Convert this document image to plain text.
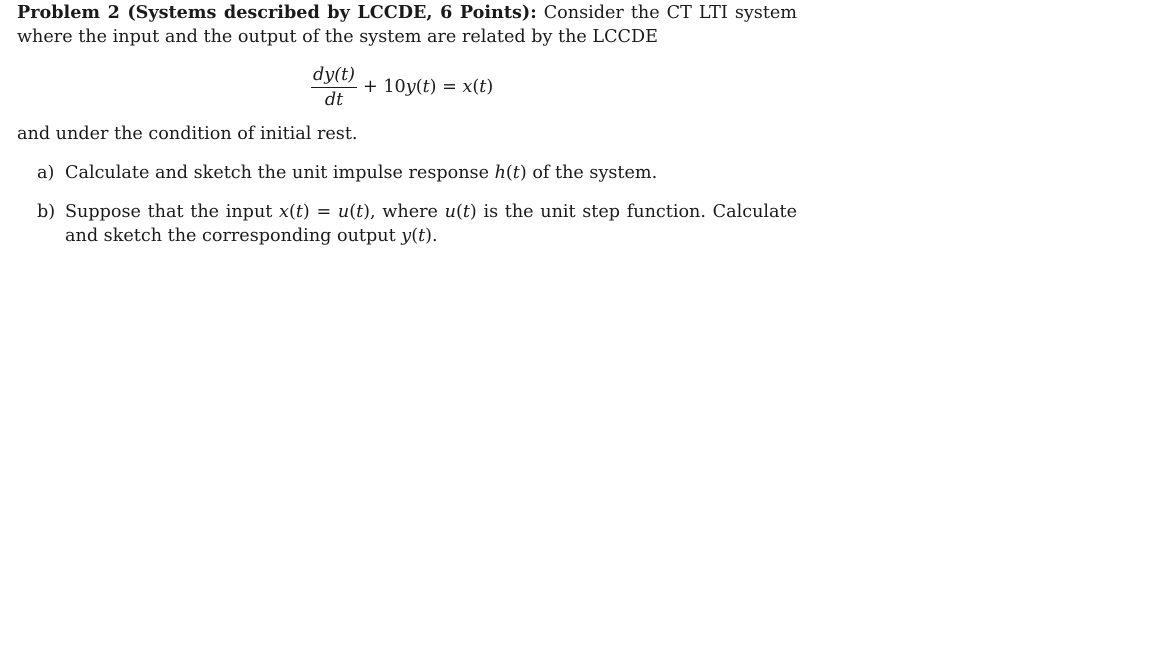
Problem 2 (Systems described by LCCDE, 6 Points): Consider the CT LTI system where the input and the output of the system are related by the LCCDE
$\frac{dy(t)}{dt} + 10y(t) = x(t)$
and under the condition of initial rest.
a) Calculate and sketch the unit impulse response h(t) of the system.
b) Suppose that the input x(t) = u(t), where u(t) is the unit step function. Calculate and sketch the corresponding output y(t).
